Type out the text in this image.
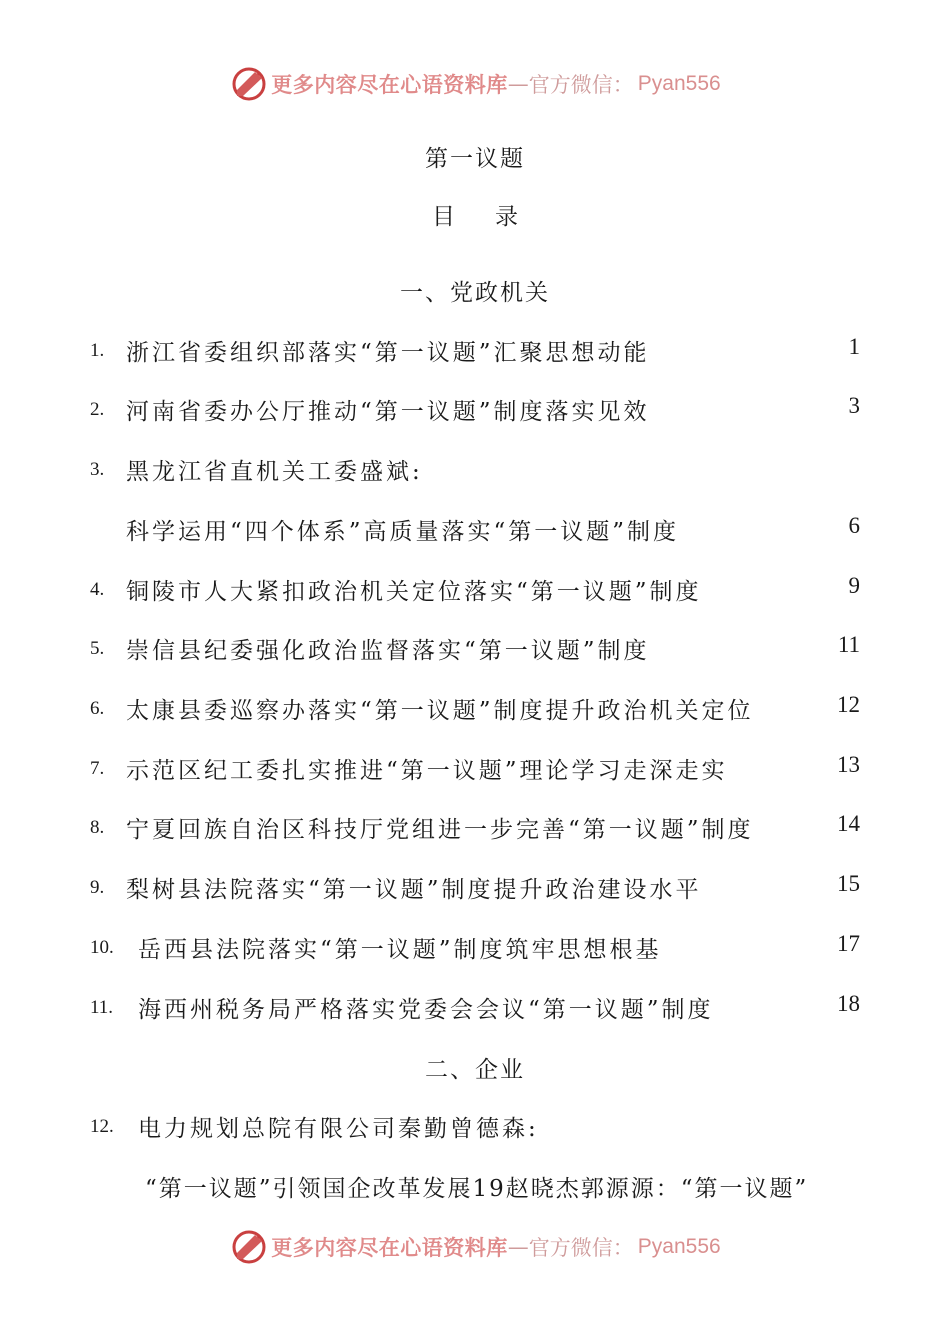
更多内容尽在心语资料库 — 官方微信： Pyan556
第一议题
目 录
一、党政机关
1. 浙江省委组织部落实“第一议题”汇聚思想动能	1
2. 河南省委办公厅推动“第一议题”制度落实见效	3
3. 黑龙江省直机关工委盛斌:
科学运用“四个体系”高质量落实“第一议题”制度	6
4. 铜陵市人大紧扣政治机关定位落实“第一议题”制度	9
5. 崇信县纪委强化政治监督落实“第一议题”制度	11
6. 太康县委巡察办落实“第一议题”制度提升政治机关定位	12
7. 示范区纪工委扎实推进“第一议题”理论学习走深走实	13
8. 宁夏回族自治区科技厅党组进一步完善“第一议题”制度	14
9. 梨树县法院落实“第一议题”制度提升政治建设水平	15
10. 岳西县法院落实“第一议题”制度筑牢思想根基	17
11. 海西州税务局严格落实党委会会议“第一议题”制度	18
二、企业
12. 电力规划总院有限公司秦勤曾德森:
“第一议题”引领国企改革发展19赵晓杰郭源源：“第一议题”
更多内容尽在心语资料库 — 官方微信： Pyan556
